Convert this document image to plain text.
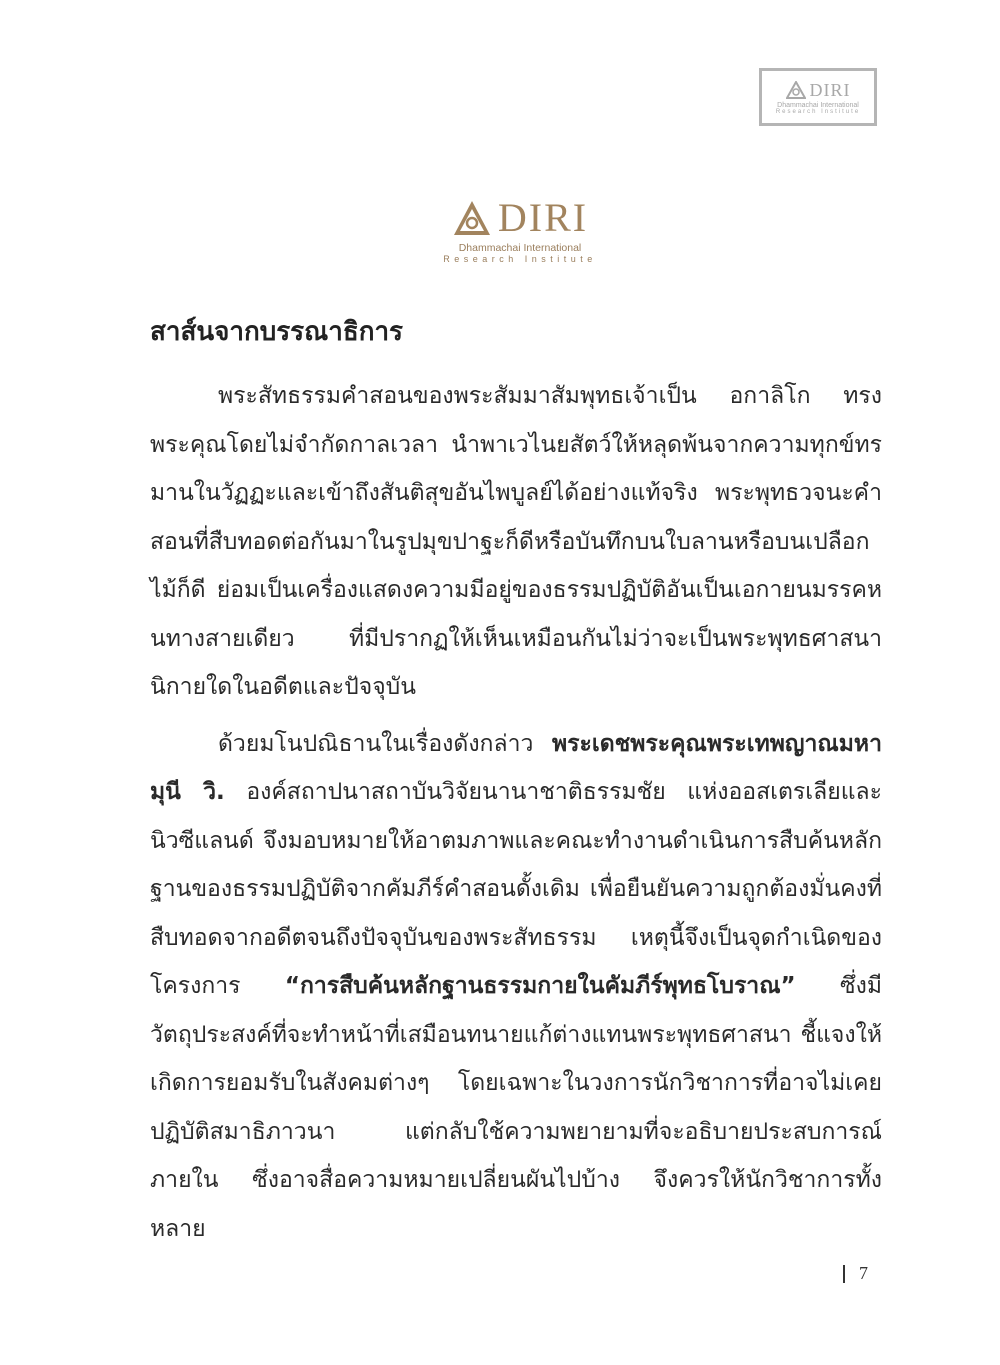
DIRI
Dhammachai International
Research Institute
DIRI
Dhammachai International
Research Institute
สาส์นจากบรรณาธิการ

พระสัทธรรมคำสอนของพระสัมมาสัมพุทธเจ้าเป็น อกาลิโก ทรงพระคุณโดยไม่จำกัดกาลเวลา นำพาเวไนยสัตว์ให้หลุดพ้นจากความทุกข์ทรมานในวัฏฏะและเข้าถึงสันติสุขอันไพบูลย์ได้อย่างแท้จริง พระพุทธวจนะคำสอนที่สืบทอดต่อกันมาในรูปมุขปาฐะก็ดีหรือบันทึกบนใบลานหรือบนเปลือกไม้ก็ดี ย่อมเป็นเครื่องแสดงความมีอยู่ของธรรมปฏิบัติอันเป็นเอกายนมรรคหนทางสายเดียว ที่มีปรากฏให้เห็นเหมือนกันไม่ว่าจะเป็นพระพุทธศาสนานิกายใดในอดีตและปัจจุบัน

ด้วยมโนปณิธานในเรื่องดังกล่าว พระเดชพระคุณพระเทพญาณมหามุนี วิ. องค์สถาปนาสถาบันวิจัยนานาชาติธรรมชัย แห่งออสเตรเลียและนิวซีแลนด์ จึงมอบหมายให้อาตมภาพและคณะทำงานดำเนินการสืบค้นหลักฐานของธรรมปฏิบัติจากคัมภีร์คำสอนดั้งเดิม เพื่อยืนยันความถูกต้องมั่นคงที่สืบทอดจากอดีตจนถึงปัจจุบันของพระสัทธรรม เหตุนี้จึงเป็นจุดกำเนิดของโครงการ “การสืบค้นหลักฐานธรรมกายในคัมภีร์พุทธโบราณ” ซึ่งมีวัตถุประสงค์ที่จะทำหน้าที่เสมือนทนายแก้ต่างแทนพระพุทธศาสนา ชี้แจงให้เกิดการยอมรับในสังคมต่างๆ โดยเฉพาะในวงการนักวิชาการที่อาจไม่เคยปฏิบัติสมาธิภาวนา แต่กลับใช้ความพยายามที่จะอธิบายประสบการณ์ภายใน ซึ่งอาจสื่อความหมายเปลี่ยนผันไปบ้าง จึงควรให้นักวิชาการทั้งหลาย

7
